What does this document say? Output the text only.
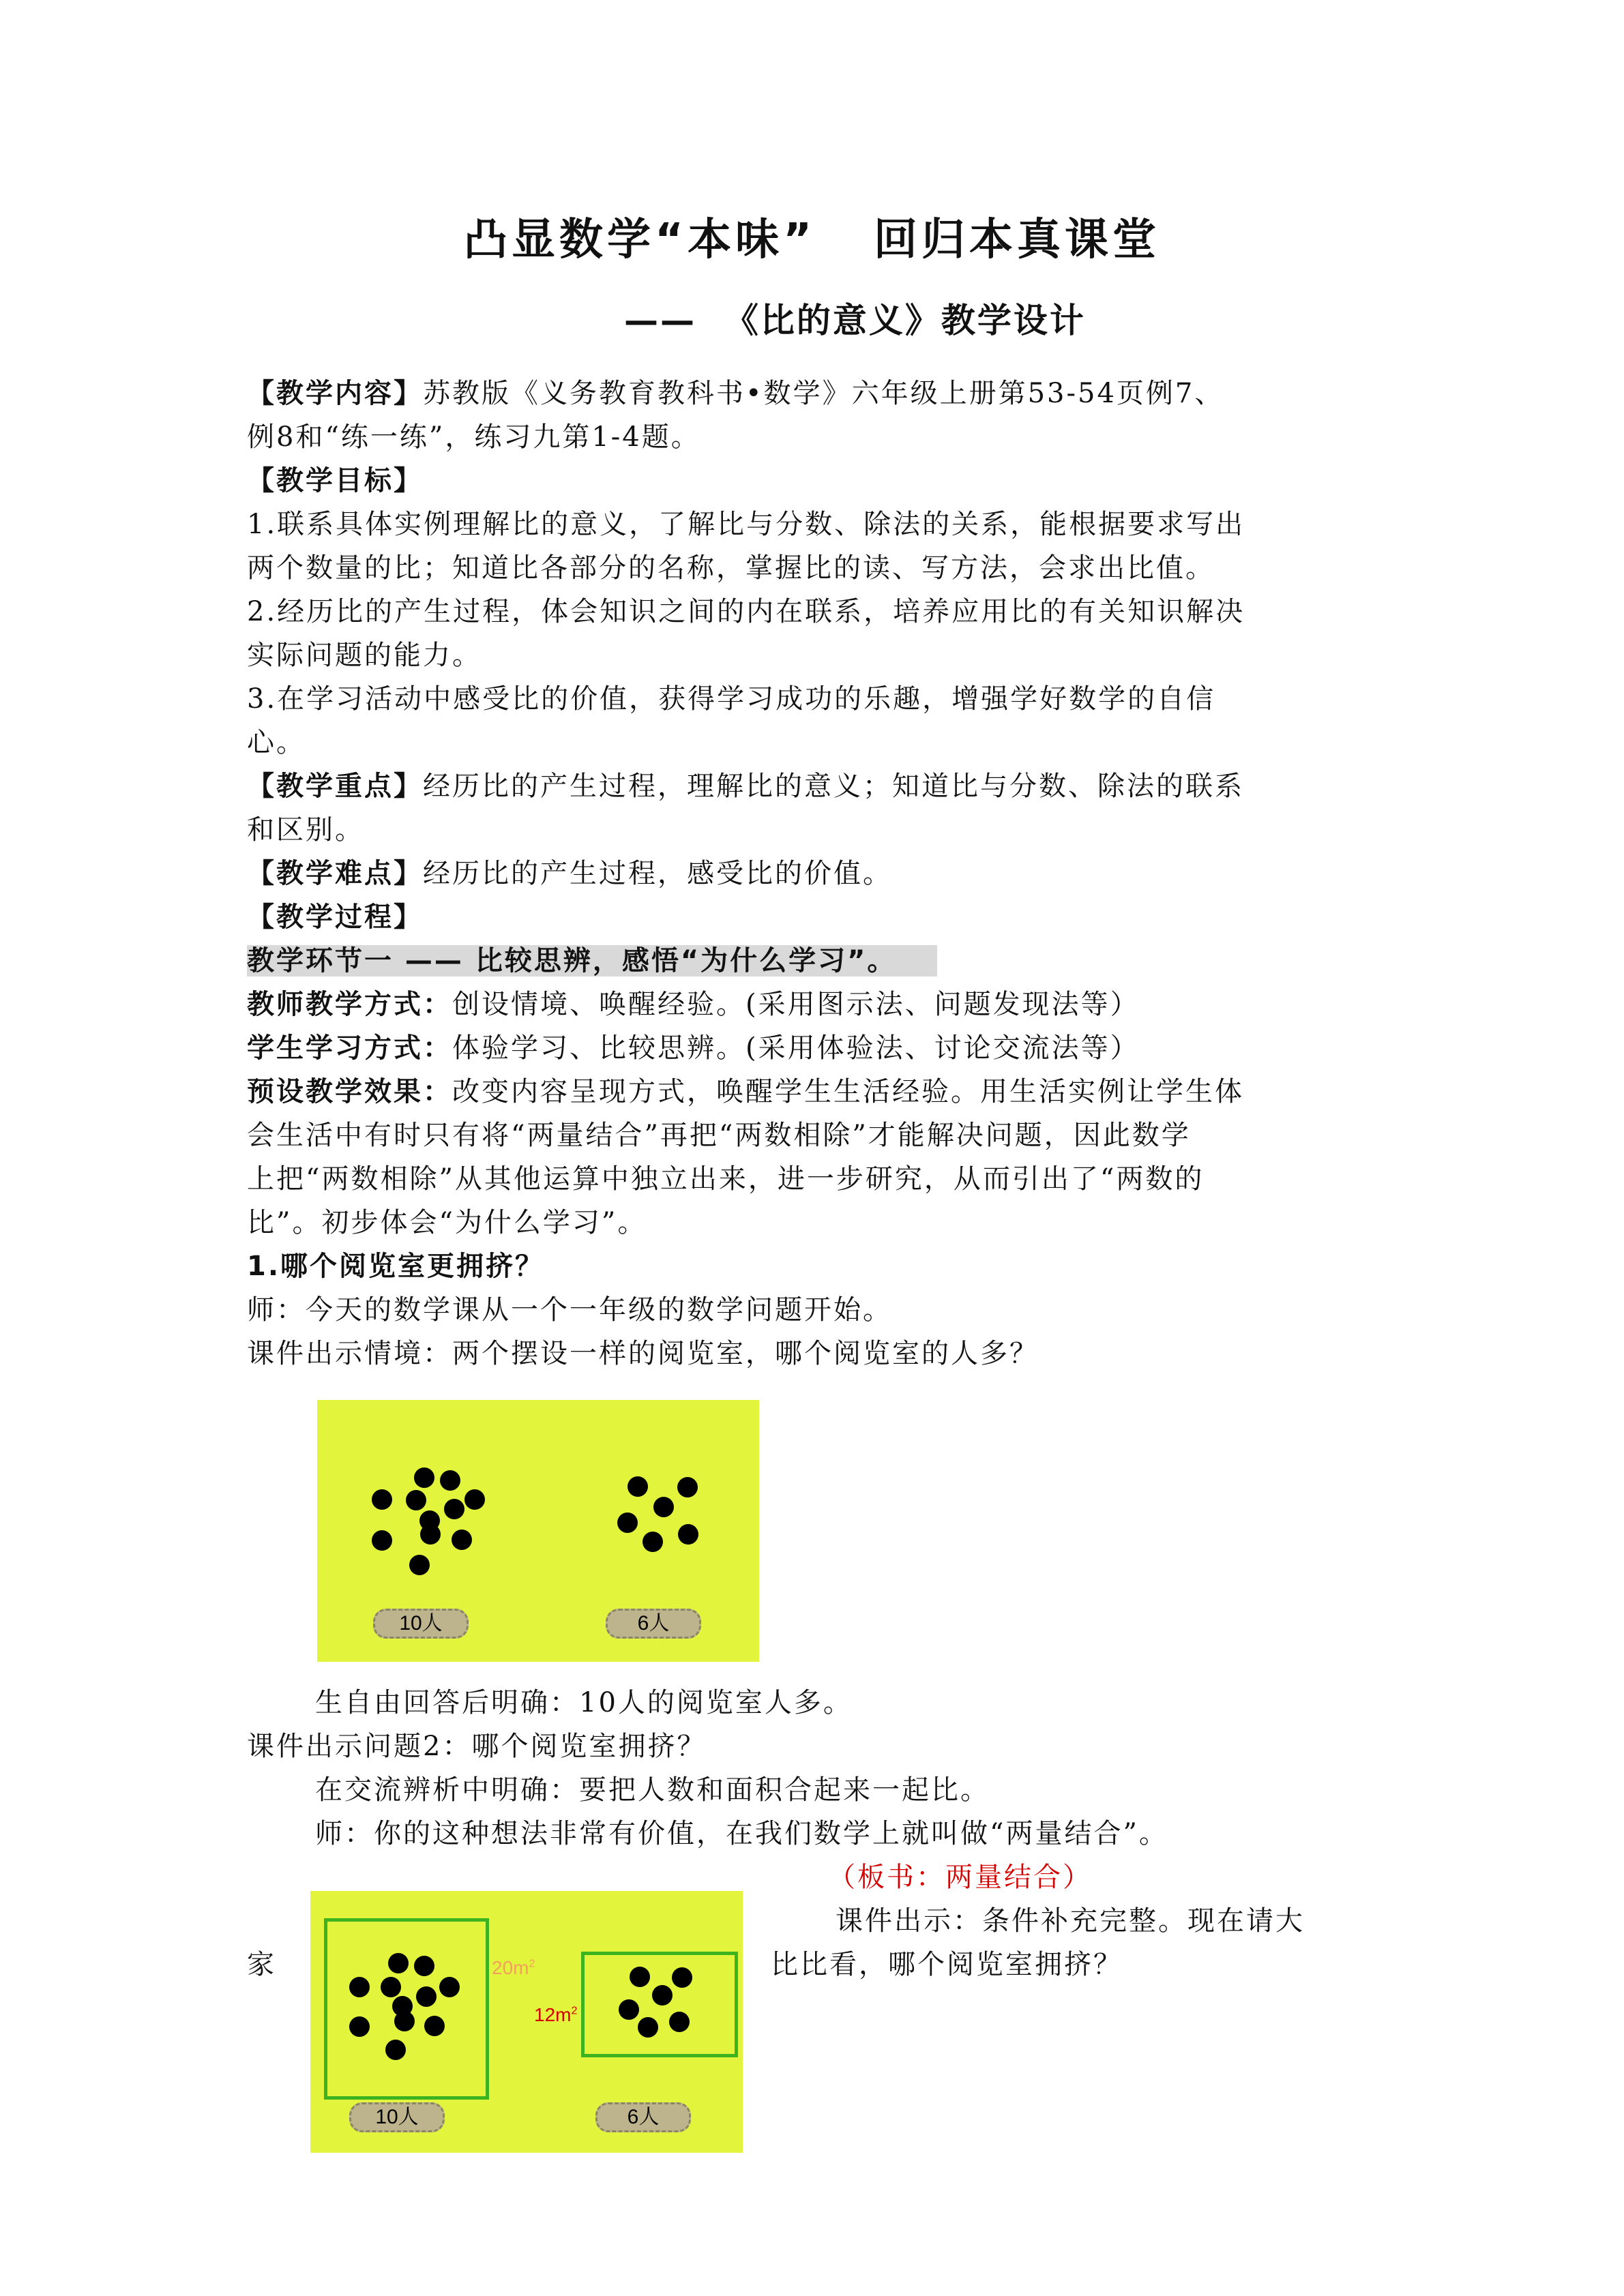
凸显数学“本味”   回归本真课堂
——  《比的意义》教学设计
【教学内容】苏教版《义务教育教科书•数学》六年级上册第53-54页例7、
例8和“练一练”，练习九第1-4题。
【教学目标】
1.联系具体实例理解比的意义，了解比与分数、除法的关系，能根据要求写出
两个数量的比；知道比各部分的名称，掌握比的读、写方法，会求出比值。
2.经历比的产生过程，体会知识之间的内在联系，培养应用比的有关知识解决
实际问题的能力。
3.在学习活动中感受比的价值，获得学习成功的乐趣，增强学好数学的自信
心。
【教学重点】经历比的产生过程，理解比的意义；知道比与分数、除法的联系
和区别。
【教学难点】经历比的产生过程，感受比的价值。
【教学过程】
教学环节一 —— 比较思辨，感悟“为什么学习”。
教师教学方式：创设情境、唤醒经验。(采用图示法、问题发现法等）
学生学习方式：体验学习、比较思辨。(采用体验法、讨论交流法等）
预设教学效果：改变内容呈现方式，唤醒学生生活经验。用生活实例让学生体
会生活中有时只有将“两量结合”再把“两数相除”才能解决问题，因此数学
上把“两数相除”从其他运算中独立出来，进一步研究，从而引出了“两数的
比”。初步体会“为什么学习”。
1.哪个阅览室更拥挤？
师：今天的数学课从一个一年级的数学问题开始。
课件出示情境：两个摆设一样的阅览室，哪个阅览室的人多？
10人	6人
生自由回答后明确：10人的阅览室人多。
课件出示问题2：哪个阅览室拥挤？
在交流辨析中明确：要把人数和面积合起来一起比。
师：你的这种想法非常有价值，在我们数学上就叫做“两量结合”。
（板书：两量结合）
课件出示：条件补充完整。现在请大
比比看，哪个阅览室拥挤？
家	$20m^2$
$12m^2$
10人	6人
